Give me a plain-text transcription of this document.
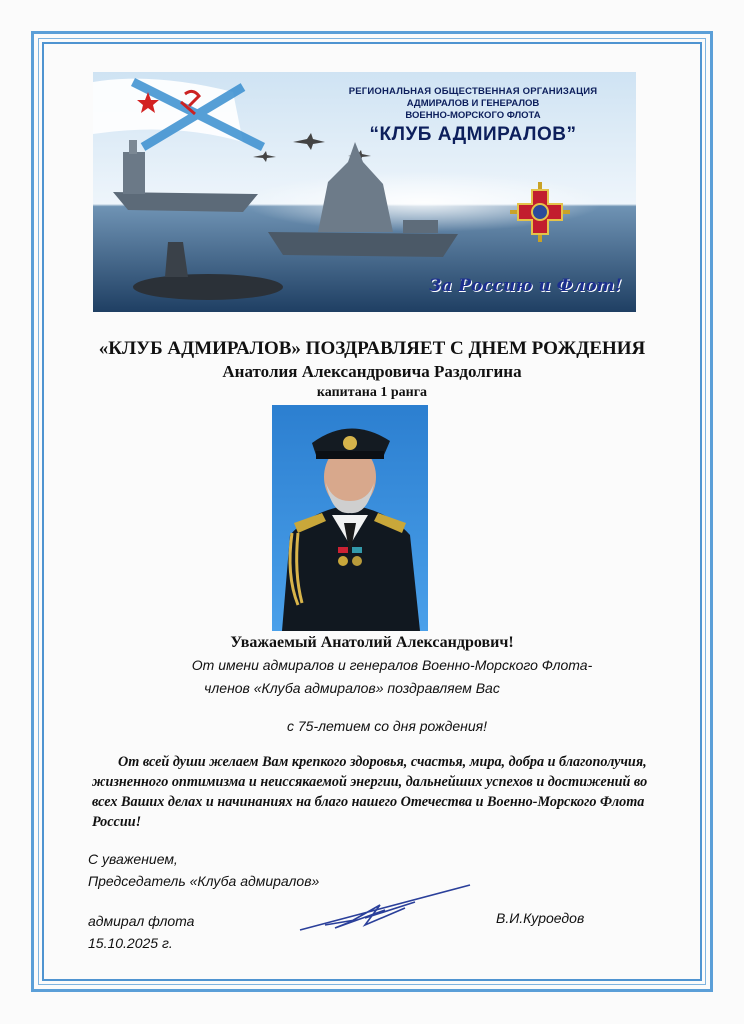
РЕГИОНАЛЬНАЯ ОБЩЕСТВЕННАЯ ОРГАНИЗАЦИЯ
АДМИРАЛОВ И ГЕНЕРАЛОВ
ВОЕННО-МОРСКОГО ФЛОТА
“КЛУБ АДМИРАЛОВ”
За Россию и Флот!
«КЛУБ АДМИРАЛОВ» ПОЗДРАВЛЯЕТ С ДНЕМ РОЖДЕНИЯ
Анатолия Александровича Раздолгина
капитана 1 ранга
Уважаемый Анатолий Александрович!
От имени адмиралов и генералов Военно-Морского Флота-
членов «Клуба адмиралов» поздравляем Вас
с 75-летием со дня рождения!
От всей души желаем Вам крепкого здоровья, счастья, мира, добра и благополучия, жизненного оптимизма и неиссякаемой энергии, дальнейших успехов и достижений во всех Ваших делах и начинаниях на благо нашего Отечества и Военно-Морского Флота России!
С уважением,
Председатель «Клуба адмиралов»
адмирал флота
15.10.2025 г.
В.И.Куроедов
